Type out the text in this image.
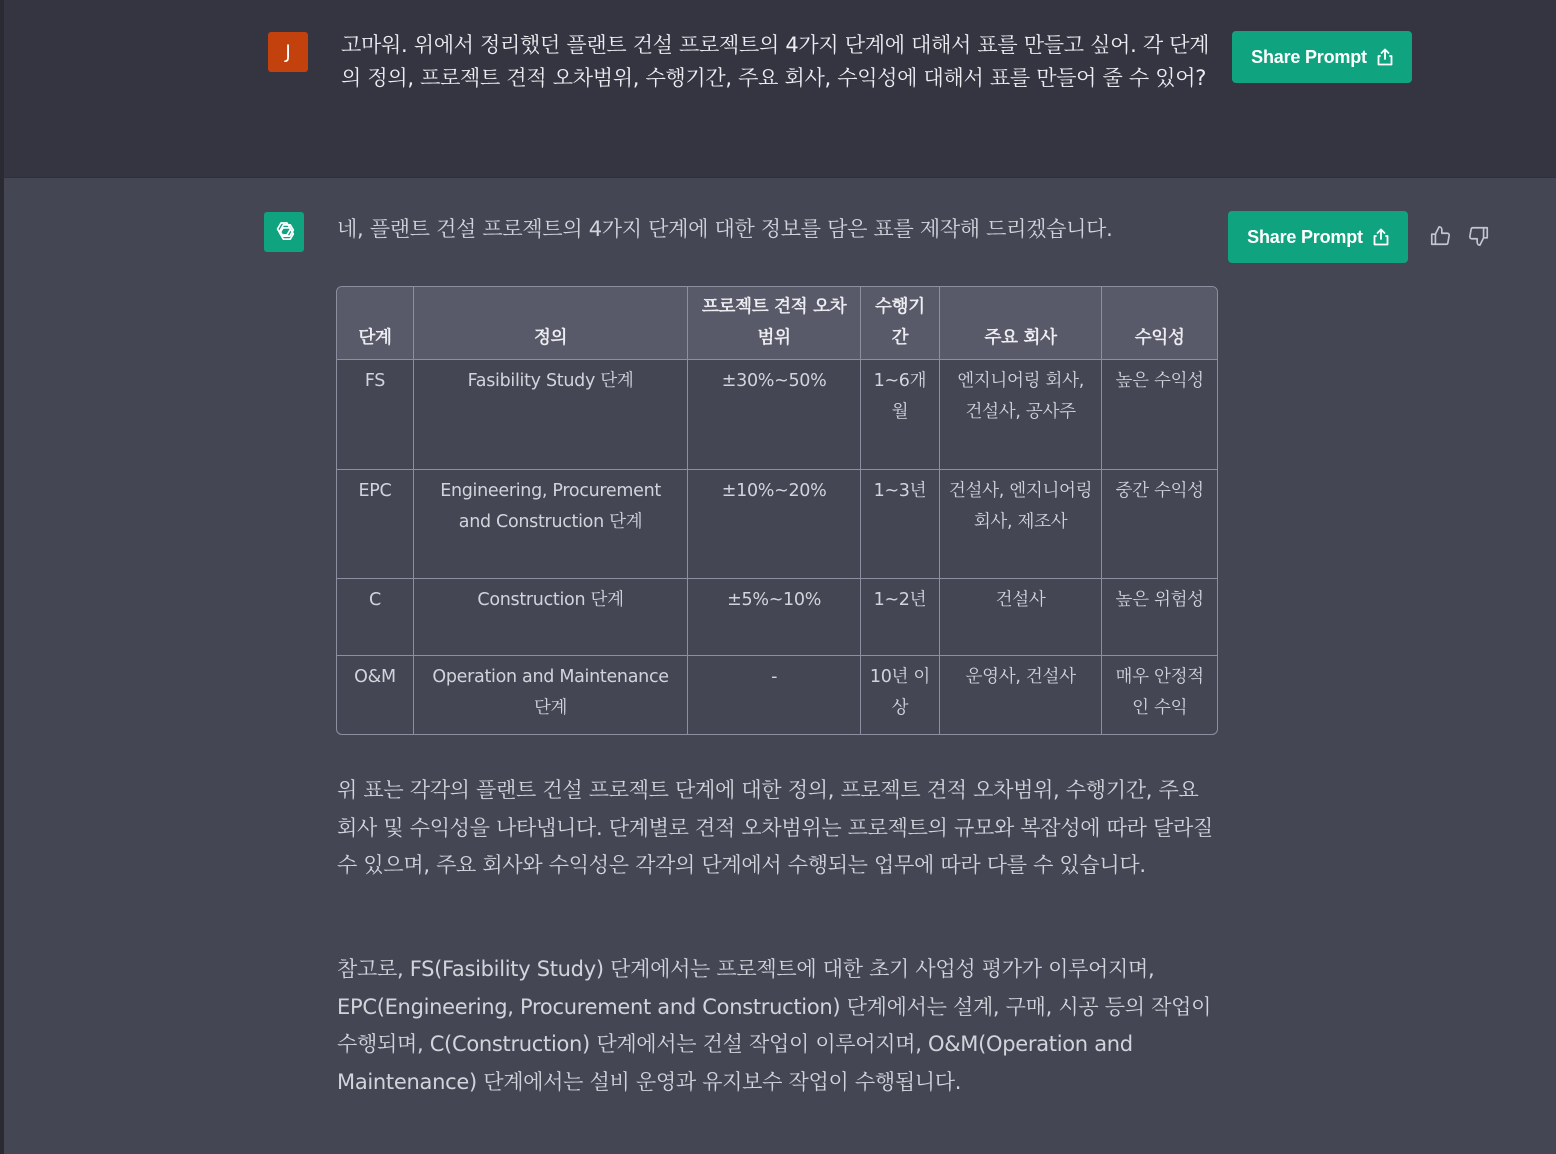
J 고마워. 위에서 정리했던 플랜트 건설 프로젝트의 4가지 단계에 대해서 표를 만들고 싶어. 각 단계의 정의, 프로젝트 견적 오차범위, 수행기간, 주요 회사, 수익성에 대해서 표를 만들어 줄 수 있어?
Share Prompt
네, 플랜트 건설 프로젝트의 4가지 단계에 대한 정보를 담은 표를 제작해 드리겠습니다.	Share Prompt
단계	정의	프로젝트 견적 오차범위	수행기간	주요 회사	수익성
FS	Fasibility Study 단계	±30%~50%	1~6개월	엔지니어링 회사, 건설사, 공사주	높은 수익성
EPC	Engineering, Procurement and Construction 단계	±10%~20%	1~3년	건설사, 엔지니어링 회사, 제조사	중간 수익성
C	Construction 단계	±5%~10%	1~2년	건설사	높은 위험성
O&M	Operation and Maintenance 단계	-	10년 이상	운영사, 건설사	매우 안정적인 수익

위 표는 각각의 플랜트 건설 프로젝트 단계에 대한 정의, 프로젝트 견적 오차범위, 수행기간, 주요 회사 및 수익성을 나타냅니다. 단계별로 견적 오차범위는 프로젝트의 규모와 복잡성에 따라 달라질 수 있으며, 주요 회사와 수익성은 각각의 단계에서 수행되는 업무에 따라 다를 수 있습니다.

참고로, FS(Fasibility Study) 단계에서는 프로젝트에 대한 초기 사업성 평가가 이루어지며, EPC(Engineering, Procurement and Construction) 단계에서는 설계, 구매, 시공 등의 작업이 수행되며, C(Construction) 단계에서는 건설 작업이 이루어지며, O&M(Operation and Maintenance) 단계에서는 설비 운영과 유지보수 작업이 수행됩니다.
